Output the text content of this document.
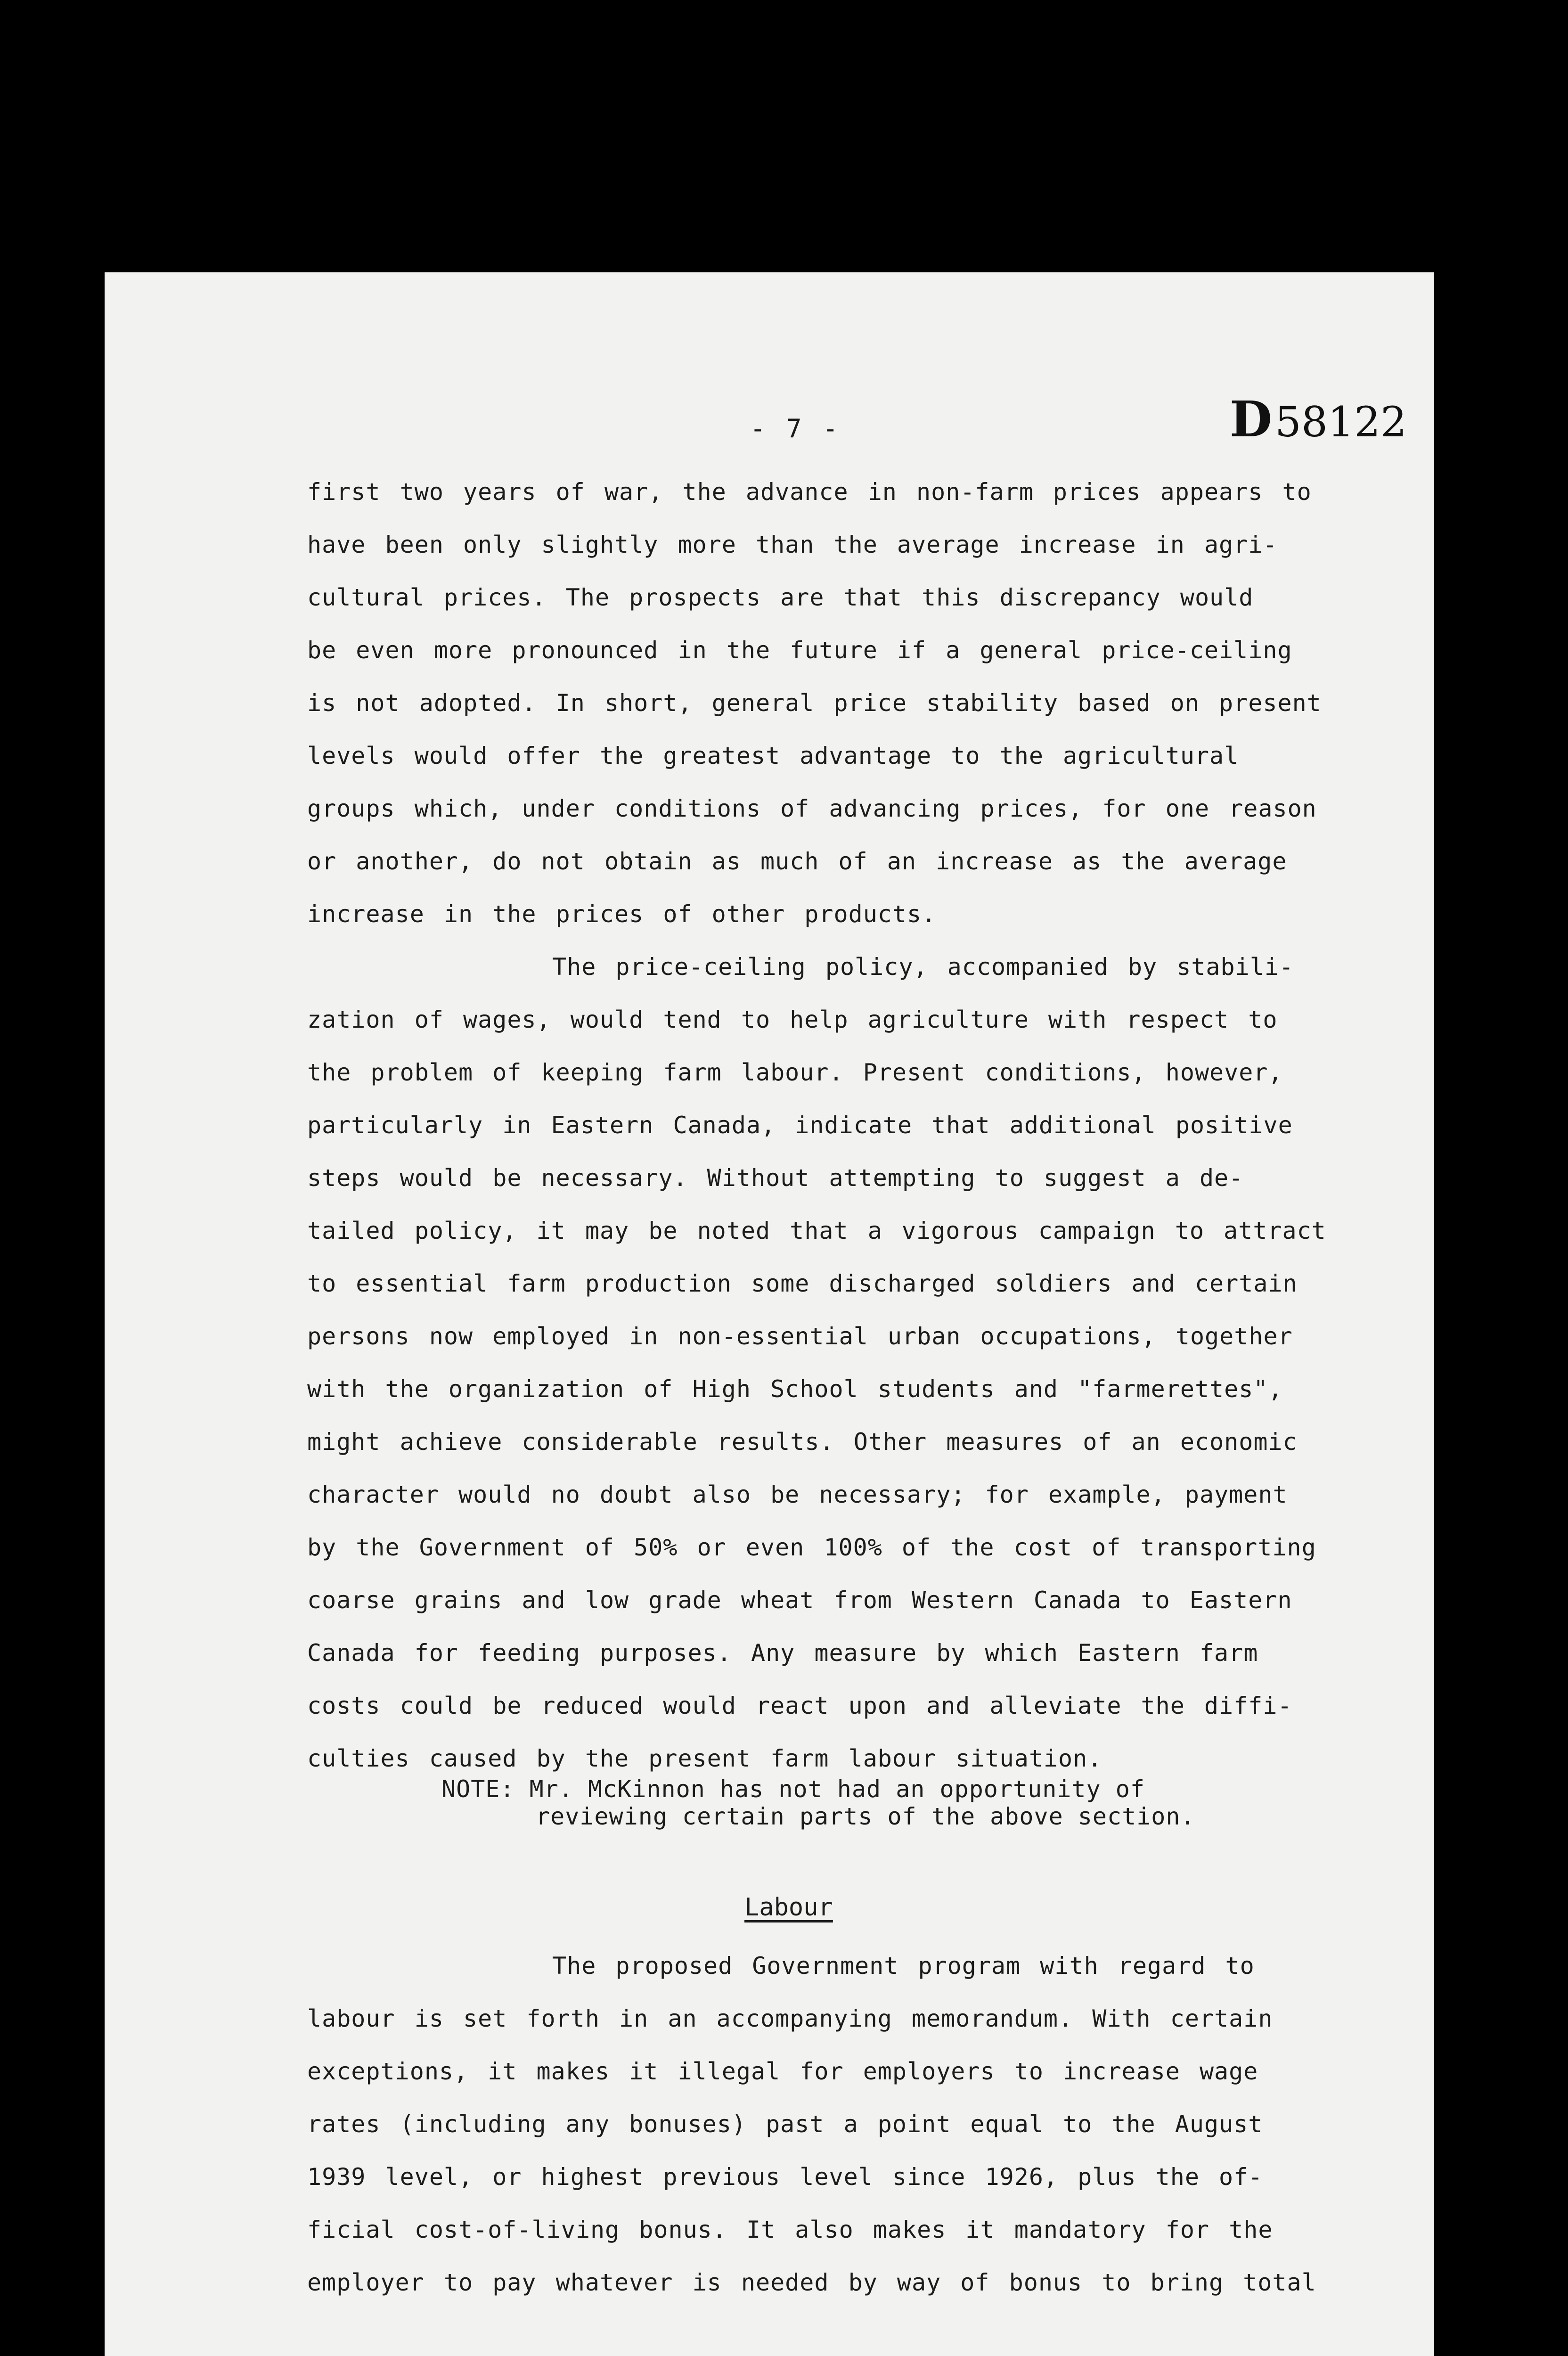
- 7 -	D58122
first two years of war, the advance in non-farm prices appears to
have been only slightly more than the average increase in agri-
cultural prices. The prospects are that this discrepancy would
be even more pronounced in the future if a general price-ceiling
is not adopted. In short, general price stability based on present
levels would offer the greatest advantage to the agricultural
groups which, under conditions of advancing prices, for one reason
or another, do not obtain as much of an increase as the average
increase in the prices of other products.
The price-ceiling policy, accompanied by stabili-
zation of wages, would tend to help agriculture with respect to
the problem of keeping farm labour. Present conditions, however,
particularly in Eastern Canada, indicate that additional positive
steps would be necessary. Without attempting to suggest a de-
tailed policy, it may be noted that a vigorous campaign to attract
to essential farm production some discharged soldiers and certain
persons now employed in non-essential urban occupations, together
with the organization of High School students and "farmerettes",
might achieve considerable results. Other measures of an economic
character would no doubt also be necessary; for example, payment
by the Government of 50% or even 100% of the cost of transporting
coarse grains and low grade wheat from Western Canada to Eastern
Canada for feeding purposes. Any measure by which Eastern farm
costs could be reduced would react upon and alleviate the diffi-
culties caused by the present farm labour situation.
NOTE: Mr. McKinnon has not had an opportunity of
reviewing certain parts of the above section.
Labour
The proposed Government program with regard to
labour is set forth in an accompanying memorandum. With certain
exceptions, it makes it illegal for employers to increase wage
rates (including any bonuses) past a point equal to the August
1939 level, or highest previous level since 1926, plus the of-
ficial cost-of-living bonus. It also makes it mandatory for the
employer to pay whatever is needed by way of bonus to bring total
